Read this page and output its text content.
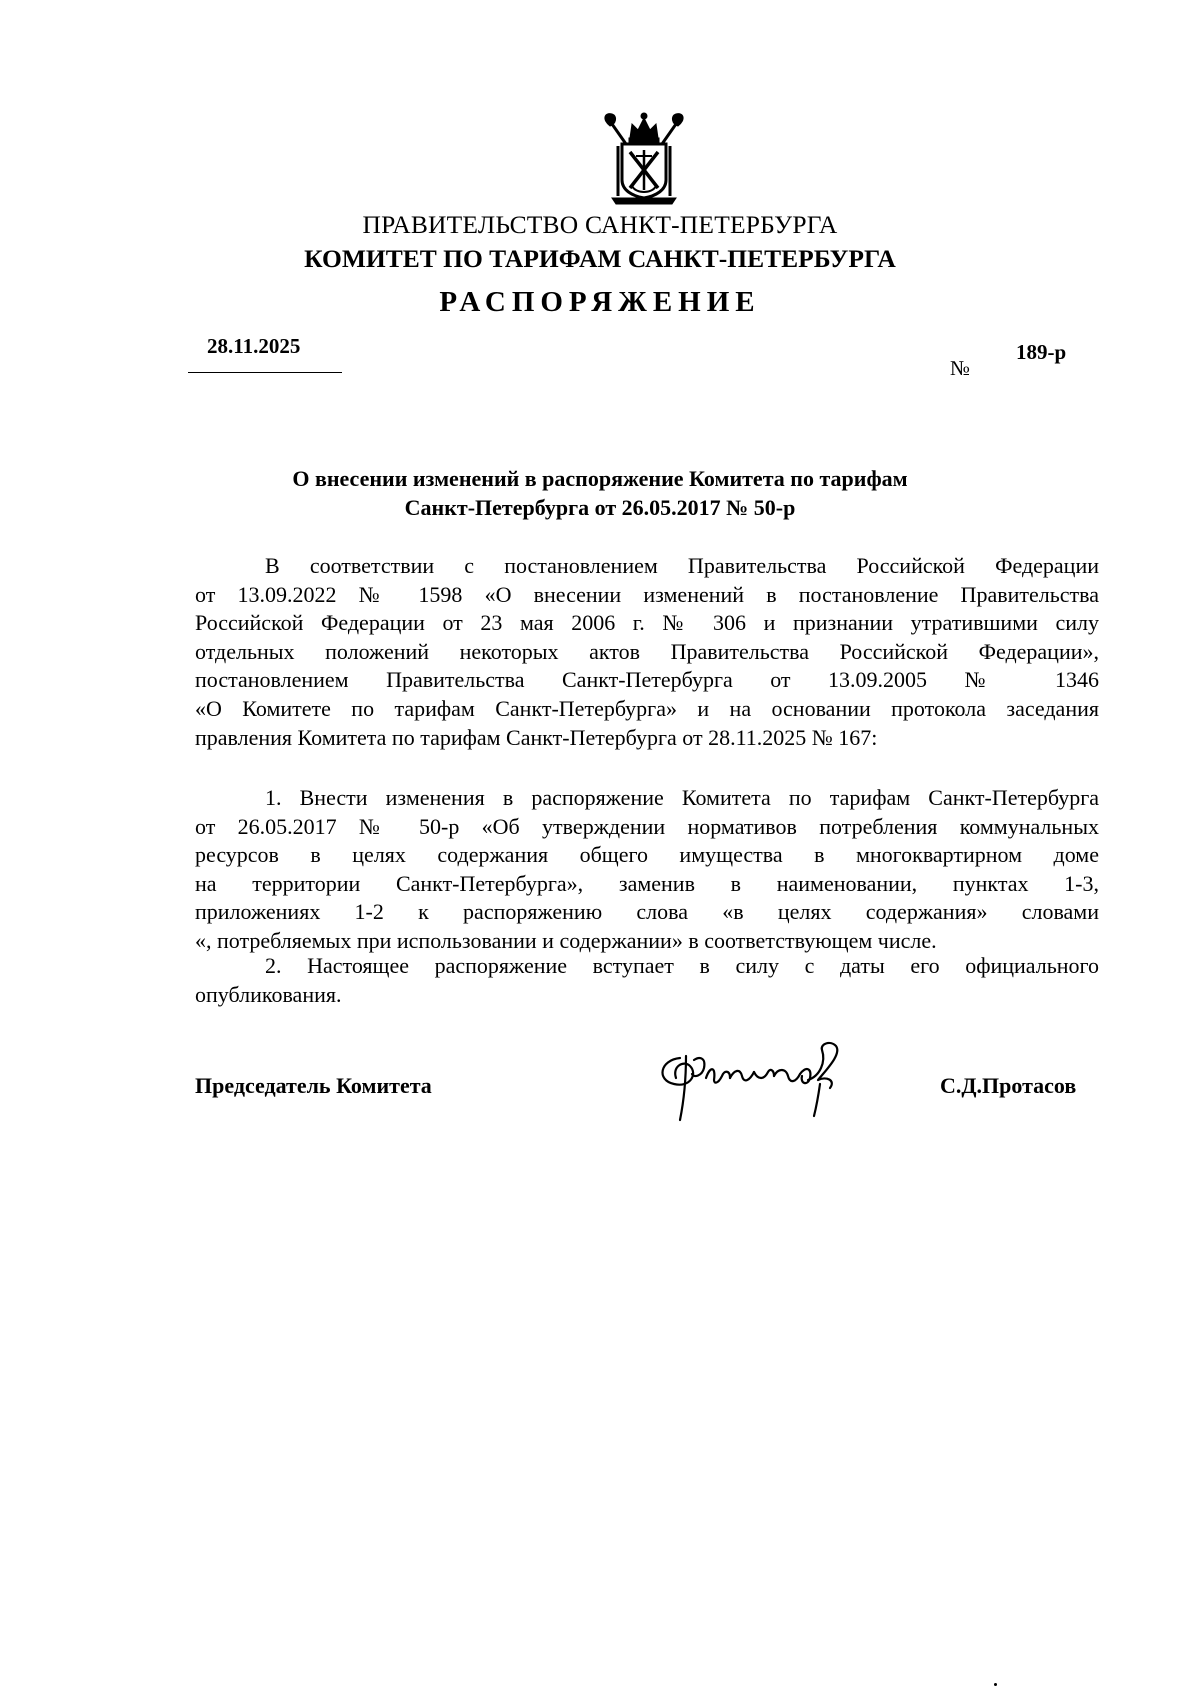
ПРАВИТЕЛЬСТВО САНКТ-ПЕТЕРБУРГА
КОМИТЕТ ПО ТАРИФАМ САНКТ-ПЕТЕРБУРГА
РАСПОРЯЖЕНИЕ
28.11.2025
№
189-р
О внесении изменений в распоряжение Комитета по тарифам
Санкт-Петербурга от 26.05.2017 № 50-р
В соответствии с постановлением Правительства Российской Федерации
от 13.09.2022 № 1598 «О внесении изменений в постановление Правительства
Российской Федерации от 23 мая 2006 г. № 306 и признании утратившими силу
отдельных положений некоторых актов Правительства Российской Федерации»,
постановлением Правительства Санкт-Петербурга от 13.09.2005 № 1346
«О Комитете по тарифам Санкт-Петербурга» и на основании протокола заседания
правления Комитета по тарифам Санкт-Петербурга от 28.11.2025 № 167:
1. Внести изменения в распоряжение Комитета по тарифам Санкт-Петербурга
от 26.05.2017 № 50-р «Об утверждении нормативов потребления коммунальных
ресурсов в целях содержания общего имущества в многоквартирном доме
на территории Санкт-Петербурга», заменив в наименовании, пунктах 1-3,
приложениях 1-2 к распоряжению слова «в целях содержания» словами
«, потребляемых при использовании и содержании» в соответствующем числе.
2. Настоящее распоряжение вступает в силу с даты его официального
опубликования.
Председатель Комитета	С.Д.Протасов
